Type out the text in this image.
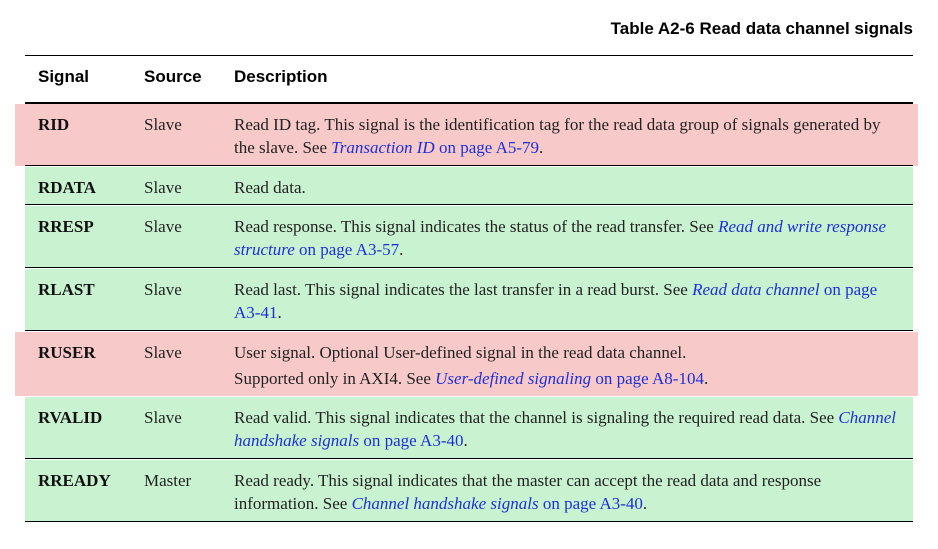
Table A2-6 Read data channel signals
Signal	Source Description
RID	Slave	Read ID tag. This signal is the identification tag for the read data group of signals generated by the slave. See Transaction ID on page A5-79.
RDATA	Slave	Read data.
RRESP	Slave	Read response. This signal indicates the status of the read transfer. See Read and write response structure on page A3-57.
RLAST	Slave	Read last. This signal indicates the last transfer in a read burst. See Read data channel on page A3-41.
RUSER	Slave	User signal. Optional User-defined signal in the read data channel.
Supported only in AXI4. See User-defined signaling on page A8-104.
RVALID Slave	Read valid. This signal indicates that the channel is signaling the required read data. See Channel handshake signals on page A3-40.
RREADY Master	Read ready. This signal indicates that the master can accept the read data and response information. See Channel handshake signals on page A3-40.
